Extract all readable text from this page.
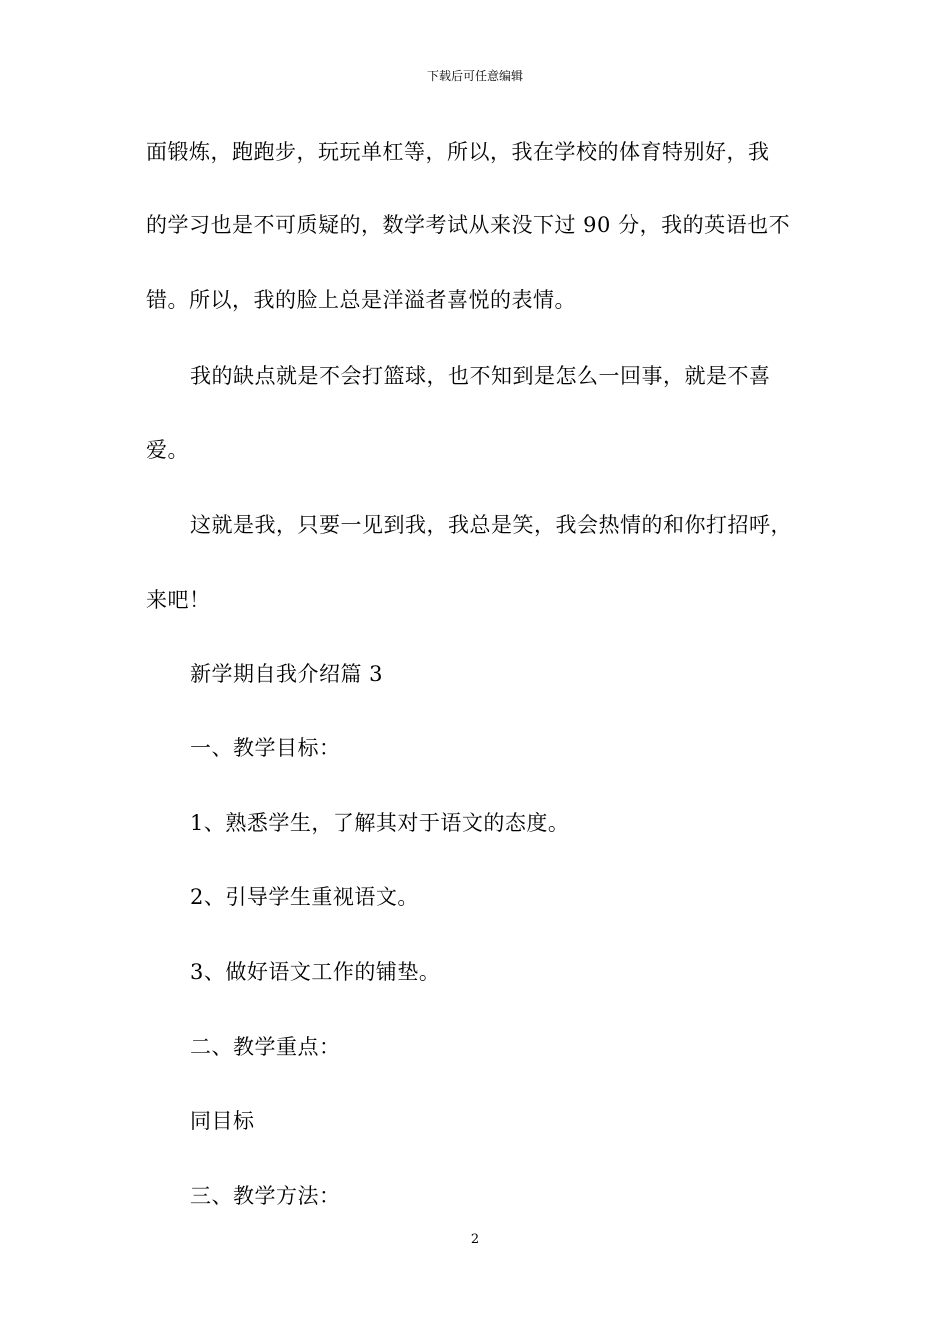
下载后可任意编辑
面锻炼，跑跑步，玩玩单杠等，所以，我在学校的体育特别好，我
的学习也是不可质疑的，数学考试从来没下过 90 分，我的英语也不
错。所以，我的脸上总是洋溢者喜悦的表情。
我的缺点就是不会打篮球，也不知到是怎么一回事，就是不喜
爱。
这就是我，只要一见到我，我总是笑，我会热情的和你打招呼，
来吧！
新学期自我介绍篇 3
一、教学目标：
1、熟悉学生，了解其对于语文的态度。
2、引导学生重视语文。
3、做好语文工作的铺垫。
二、教学重点：
同目标
三、教学方法：
2
